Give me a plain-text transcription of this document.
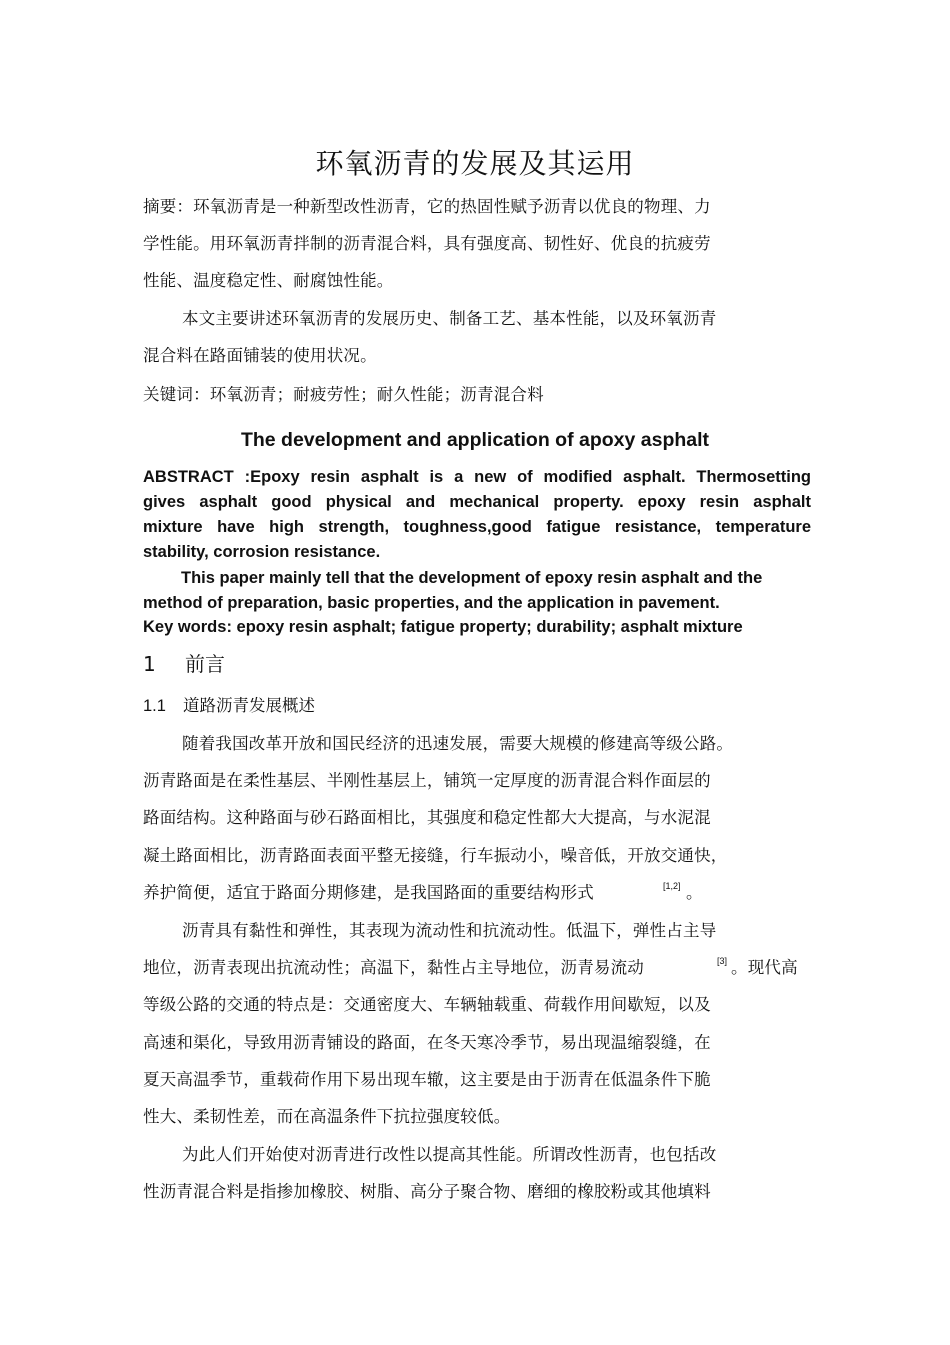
环氧沥青的发展及其运用
摘要：环氧沥青是一种新型改性沥青，它的热固性赋予沥青以优良的物理、力
学性能。用环氧沥青拌制的沥青混合料，具有强度高、韧性好、优良的抗疲劳
性能、温度稳定性、耐腐蚀性能。
本文主要讲述环氧沥青的发展历史、制备工艺、基本性能，以及环氧沥青
混合料在路面铺装的使用状况。
关键词：环氧沥青；耐疲劳性；耐久性能；沥青混合料
The development and application of apoxy asphalt
ABSTRACT :Epoxy resin asphalt is a new of modified asphalt. Thermosetting
gives asphalt good physical and mechanical property. epoxy resin asphalt
mixture have high strength, toughness,good fatigue resistance, temperature
stability, corrosion resistance.
This paper mainly tell that the development of epoxy resin asphalt and the
method of preparation, basic properties, and the application in pavement.
Key words: epoxy resin asphalt; fatigue property; durability; asphalt mixture
1 前言
1.1 道路沥青发展概述
随着我国改革开放和国民经济的迅速发展，需要大规模的修建高等级公路。
沥青路面是在柔性基层、半刚性基层上，铺筑一定厚度的沥青混合料作面层的
路面结构。这种路面与砂石路面相比，其强度和稳定性都大大提高，与水泥混
凝土路面相比，沥青路面表面平整无接缝，行车振动小，噪音低，开放交通快，
养护简便，适宜于路面分期修建，是我国路面的重要结构形式	[1,2] 。
沥青具有黏性和弹性，其表现为流动性和抗流动性。低温下，弹性占主导
地位，沥青表现出抗流动性；高温下，黏性占主导地位，沥青易流动	[3] 。现代高
等级公路的交通的特点是：交通密度大、车辆轴载重、荷载作用间歇短，以及
高速和渠化，导致用沥青铺设的路面，在冬天寒冷季节，易出现温缩裂缝，在
夏天高温季节，重载荷作用下易出现车辙，这主要是由于沥青在低温条件下脆
性大、柔韧性差，而在高温条件下抗拉强度较低。
为此人们开始使对沥青进行改性以提高其性能。所谓改性沥青，也包括改
性沥青混合料是指掺加橡胶、树脂、高分子聚合物、磨细的橡胶粉或其他填料
